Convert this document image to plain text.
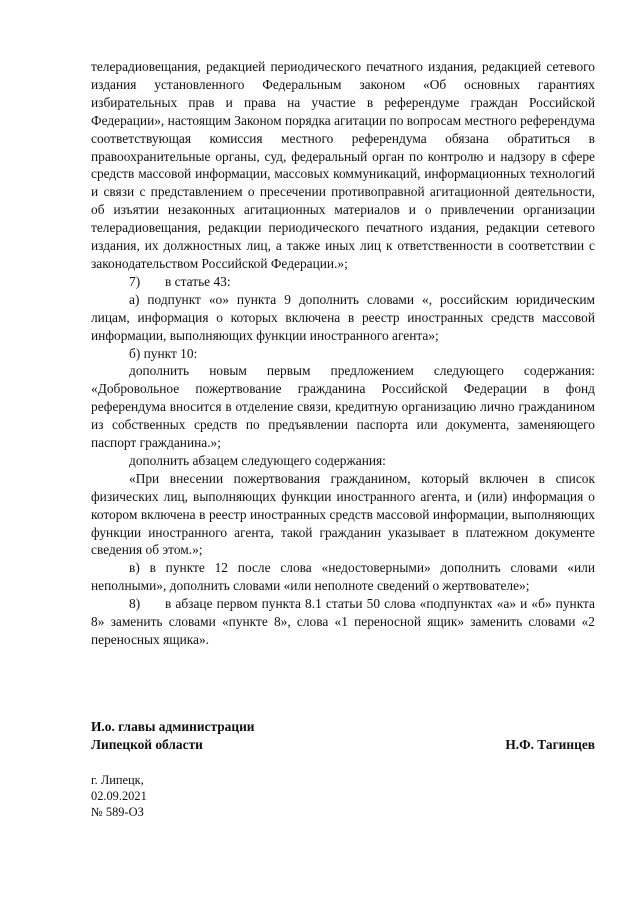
телерадиовещания, редакцией периодического печатного издания, редакцией сетевого издания установленного Федеральным законом «Об основных гарантиях избирательных прав и права на участие в референдуме граждан Российской Федерации», настоящим Законом порядка агитации по вопросам местного референдума соответствующая комиссия местного референдума обязана обратиться в правоохранительные органы, суд, федеральный орган по контролю и надзору в сфере средств массовой информации, массовых коммуникаций, информационных технологий и связи с представлением о пресечении противоправной агитационной деятельности, об изъятии незаконных агитационных материалов и о привлечении организации телерадиовещания, редакции периодического печатного издания, редакции сетевого издания, их должностных лиц, а также иных лиц к ответственности в соответствии с законодательством Российской Федерации.»;

7) в статье 43:

а) подпункт «о» пункта 9 дополнить словами «, российским юридическим лицам, информация о которых включена в реестр иностранных средств массовой информации, выполняющих функции иностранного агента»;

б) пункт 10:

дополнить новым первым предложением следующего содержания: «Добровольное пожертвование гражданина Российской Федерации в фонд референдума вносится в отделение связи, кредитную организацию лично гражданином из собственных средств по предъявлении паспорта или документа, заменяющего паспорт гражданина.»;

дополнить абзацем следующего содержания:

«При внесении пожертвования гражданином, который включен в список физических лиц, выполняющих функции иностранного агента, и (или) информация о котором включена в реестр иностранных средств массовой информации, выполняющих функции иностранного агента, такой гражданин указывает в платежном документе сведения об этом.»;

в) в пункте 12 после слова «недостоверными» дополнить словами «или неполными», дополнить словами «или неполноте сведений о жертвователе»;

8) в абзаце первом пункта 8.1 статьи 50 слова «подпунктах «а» и «б» пункта 8» заменить словами «пункте 8», слова «1 переносной ящик» заменить словами «2 переносных ящика».

И.о. главы администрации
Липецкой области	Н.Ф. Тагинцев
г. Липецк,
02.09.2021
№ 589-ОЗ
